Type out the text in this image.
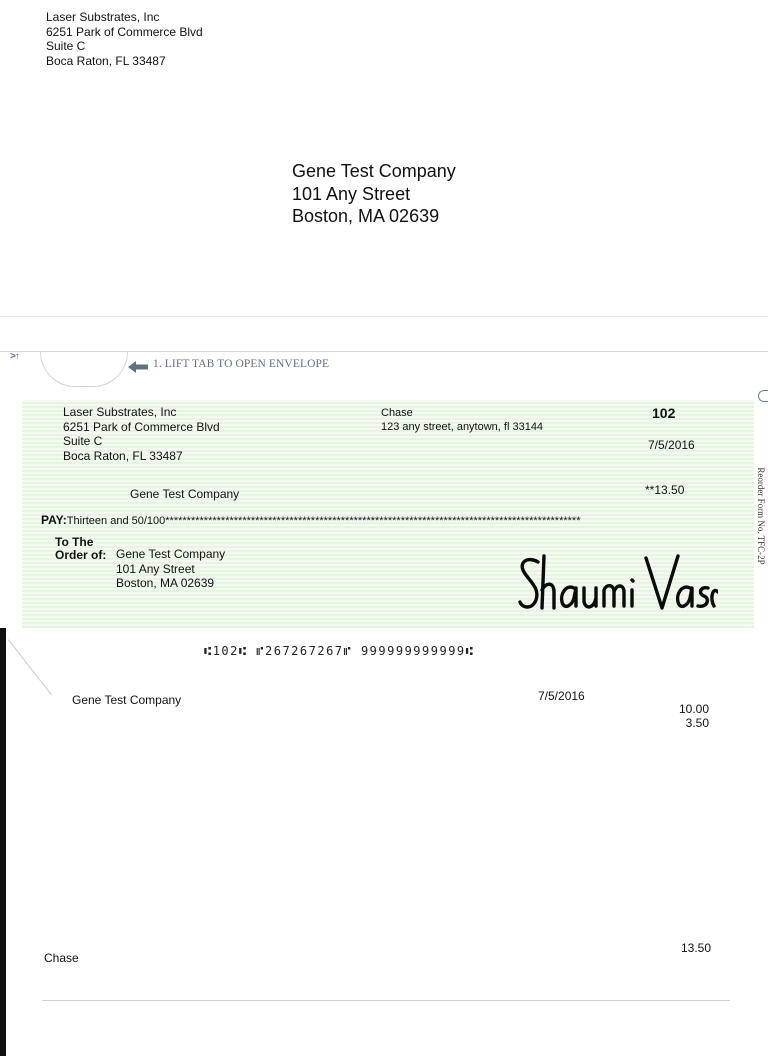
Laser Substrates, Inc
6251 Park of Commerce Blvd
Suite C
Boca Raton, FL 33487
Gene Test Company
101 Any Street
Boston, MA 02639
>↑
1. LIFT TAB TO OPEN ENVELOPE
Reorder Form No. TFC-2P
Laser Substrates, Inc
6251 Park of Commerce Blvd
Suite C
Boca Raton, FL 33487
Chase
123 any street, anytown, fl 33144
102
7/5/2016
Gene Test Company	**13.50
PAY:Thirteen and 50/100*************************************************************************************************
To The
Order of: Gene Test Company
101 Any Street
Boston, MA 02639
⑆102⑆ ⑈267267267⑈ 999999999999⑆
Gene Test Company	7/5/2016
10.00
3.50
Chase
13.50
